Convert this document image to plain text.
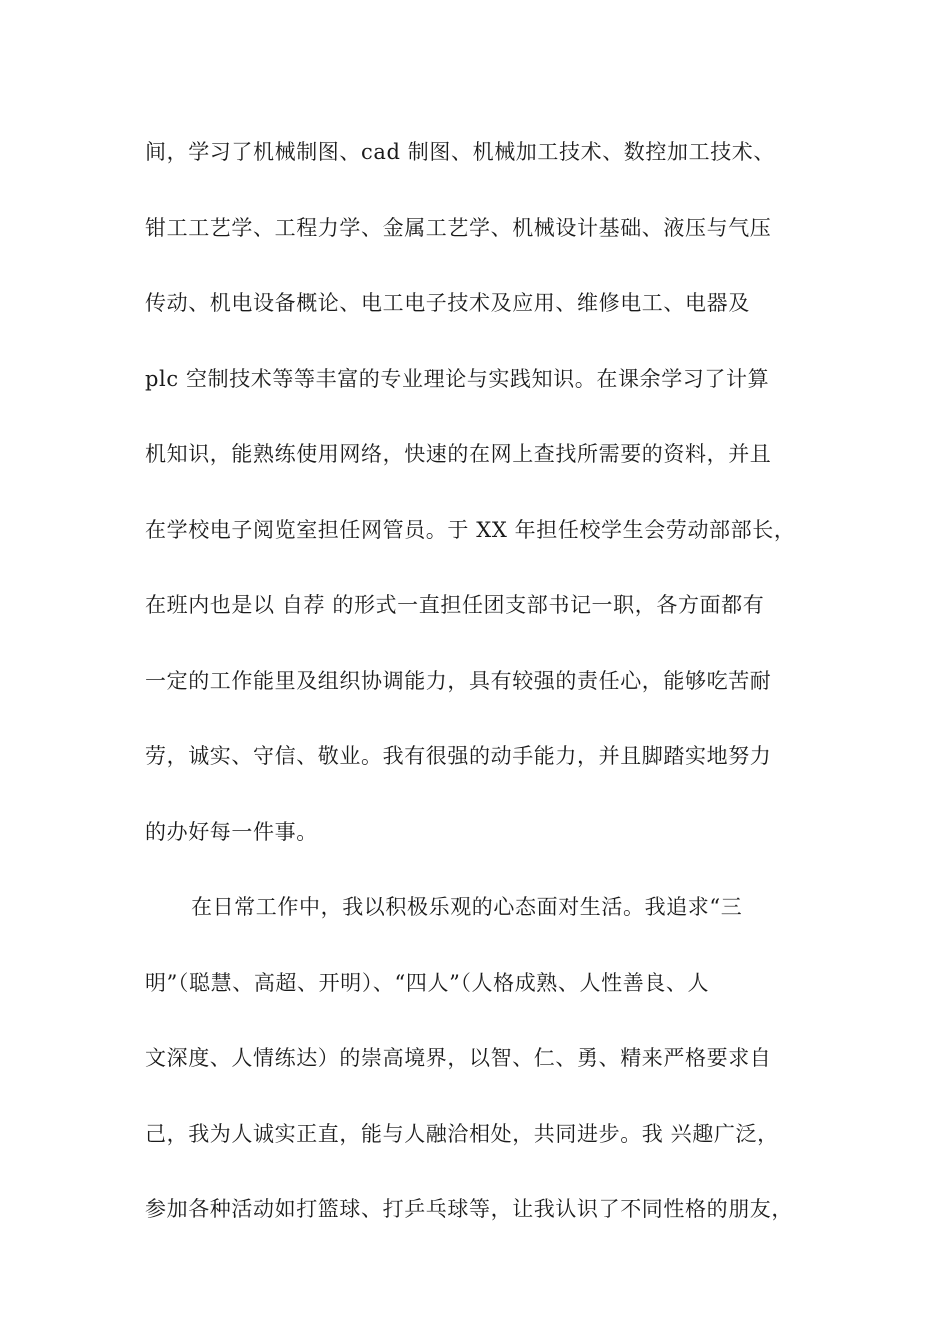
间，学习了机械制图、cad 制图、机械加工技术、数控加工技术、
钳工工艺学、工程力学、金属工艺学、机械设计基础、液压与气压
传动、机电设备概论、电工电子技术及应用、维修电工、电器及
plc 空制技术等等丰富的专业理论与实践知识。在课余学习了计算
机知识，能熟练使用网络，快速的在网上查找所需要的资料，并且
在学校电子阅览室担任网管员。于 XX 年担任校学生会劳动部部长，
在班内也是以 自荐 的形式一直担任团支部书记一职，各方面都有
一定的工作能里及组织协调能力，具有较强的责任心，能够吃苦耐
劳，诚实、守信、敬业。我有很强的动手能力，并且脚踏实地努力
的办好每一件事。
在日常工作中，我以积极乐观的心态面对生活。我追求“三
明”（聪慧、高超、开明）、“四人”（人格成熟、人性善良、人
文深度、人情练达）的崇高境界，以智、仁、勇、精来严格要求自
己，我为人诚实正直，能与人融洽相处，共同进步。我 兴趣广泛，
参加各种活动如打篮球、打乒乓球等，让我认识了不同性格的朋友，
